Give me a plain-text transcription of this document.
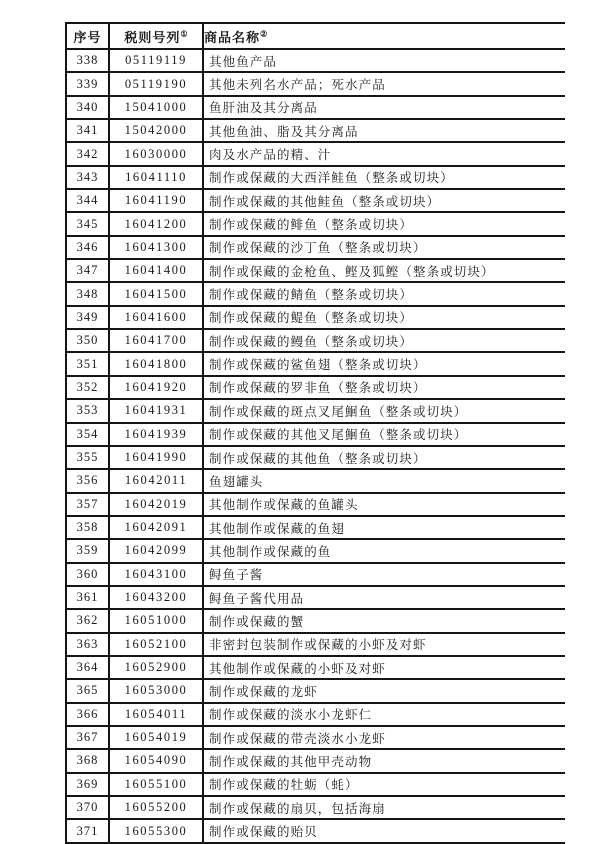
序号	税则号列①	商品名称②
338	05119119	其他鱼产品
339	05119190	其他未列名水产品；死水产品
340	15041000	鱼肝油及其分离品
341	15042000	其他鱼油、脂及其分离品
342	16030000	肉及水产品的精、汁
343	16041110	制作或保藏的大西洋鲑鱼（整条或切块）
344	16041190	制作或保藏的其他鲑鱼（整条或切块）
345	16041200	制作或保藏的鲱鱼（整条或切块）
346	16041300	制作或保藏的沙丁鱼（整条或切块）
347	16041400	制作或保藏的金枪鱼、鲣及狐鲣（整条或切块）
348	16041500	制作或保藏的鲭鱼（整条或切块）
349	16041600	制作或保藏的鳀鱼（整条或切块）
350	16041700	制作或保藏的鳗鱼（整条或切块）
351	16041800	制作或保藏的鲨鱼翅（整条或切块）
352	16041920	制作或保藏的罗非鱼（整条或切块）
353	16041931	制作或保藏的斑点叉尾鮰鱼（整条或切块）
354	16041939	制作或保藏的其他叉尾鮰鱼（整条或切块）
355	16041990	制作或保藏的其他鱼（整条或切块）
356	16042011	鱼翅罐头
357	16042019	其他制作或保藏的鱼罐头
358	16042091	其他制作或保藏的鱼翅
359	16042099	其他制作或保藏的鱼
360	16043100	鲟鱼子酱
361	16043200	鲟鱼子酱代用品
362	16051000	制作或保藏的蟹
363	16052100	非密封包装制作或保藏的小虾及对虾
364	16052900	其他制作或保藏的小虾及对虾
365	16053000	制作或保藏的龙虾
366	16054011	制作或保藏的淡水小龙虾仁
367	16054019	制作或保藏的带壳淡水小龙虾
368	16054090	制作或保藏的其他甲壳动物
369	16055100	制作或保藏的牡蛎（蚝）
370	16055200	制作或保藏的扇贝，包括海扇
371	16055300	制作或保藏的贻贝
